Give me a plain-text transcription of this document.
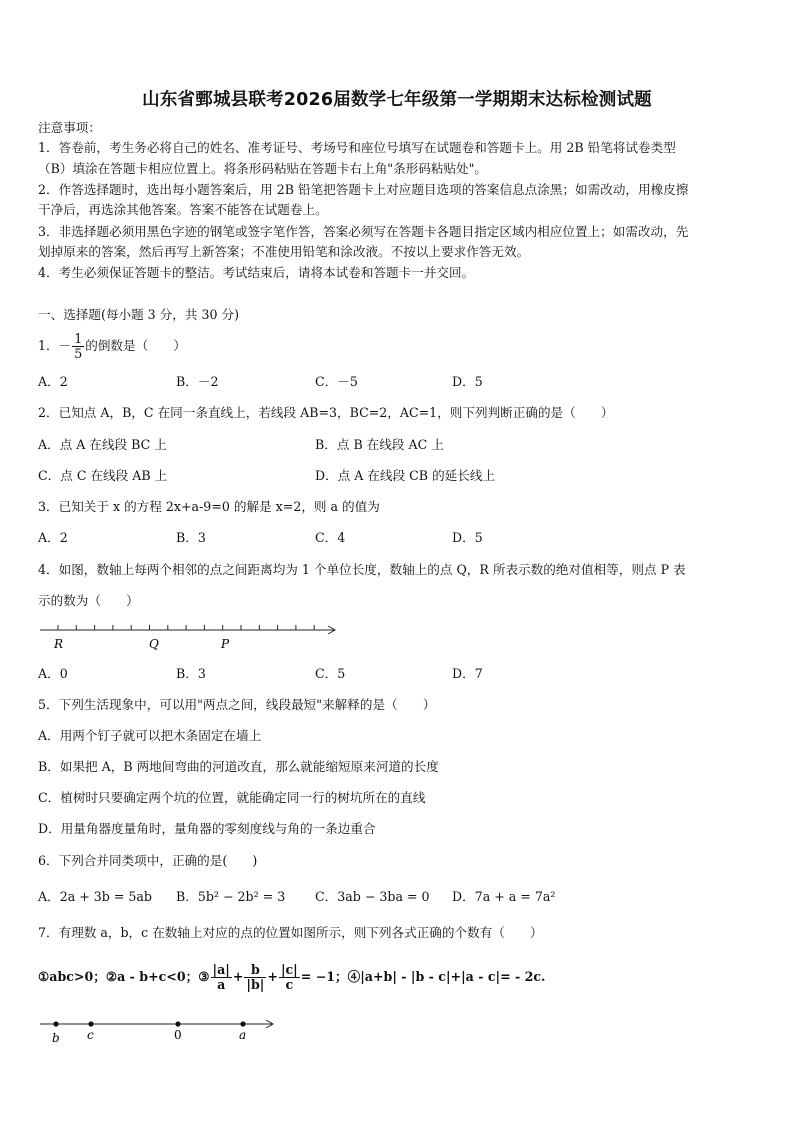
山东省鄄城县联考2026届数学七年级第一学期期末达标检测试题
注意事项：
1．答卷前，考生务必将自己的姓名、准考证号、考场号和座位号填写在试题卷和答题卡上。用 2B 铅笔将试卷类型
（B）填涂在答题卡相应位置上。将条形码粘贴在答题卡右上角"条形码粘贴处"。
2．作答选择题时，选出每小题答案后，用 2B 铅笔把答题卡上对应题目选项的答案信息点涂黑；如需改动，用橡皮擦
干净后，再选涂其他答案。答案不能答在试题卷上。
3．非选择题必须用黑色字迹的钢笔或签字笔作答，答案必须写在答题卡各题目指定区域内相应位置上；如需改动，先
划掉原来的答案，然后再写上新答案；不准使用铅笔和涂改液。不按以上要求作答无效。
4．考生必须保证答题卡的整洁。考试结束后，请将本试卷和答题卡一并交回。
一、选择题(每小题 3 分，共 30 分)
1．－ $\frac{1}{5}$ 的倒数是（　　）
A．2	B．－2	C．－5	D．5
2．已知点 A，B，C 在同一条直线上，若线段 AB=3，BC=2，AC=1，则下列判断正确的是（　　）
A．点 A 在线段 BC 上	B．点 B 在线段 AC 上
C．点 C 在线段 AB 上	D．点 A 在线段 CB 的延长线上
3．已知关于 x 的方程 2x+a-9=0 的解是 x=2，则 a 的值为
A．2	B．3	C．4	D．5
4．如图，数轴上每两个相邻的点之间距离均为 1 个单位长度，数轴上的点 Q，R 所表示数的绝对值相等，则点 P 表
示的数为（　　）
R	Q	P
A．0	B．3	C．5	D．7
5．下列生活现象中，可以用"两点之间，线段最短"来解释的是（　　）
A．用两个钉子就可以把木条固定在墙上
B．如果把 A，B 两地间弯曲的河道改直，那么就能缩短原来河道的长度
C．植树时只要确定两个坑的位置，就能确定同一行的树坑所在的直线
D．用量角器度量角时，量角器的零刻度线与角的一条边重合
6．下列合并同类项中，正确的是(　　)
A．2a + 3b = 5ab B．5b² − 2b² = 3 C．3ab − 3ba = 0 D．7a + a = 7a²
7．有理数 a，b，c 在数轴上对应的点的位置如图所示，则下列各式正确的个数有（　　）
①abc>0；②a - b+c<0；③ $\frac{|a|}{a} + \frac{b}{|b|} + \frac{|c|}{c} = -1$；④|a+b| - |b - c|+|a - c|= - 2c.
b c	0	a
